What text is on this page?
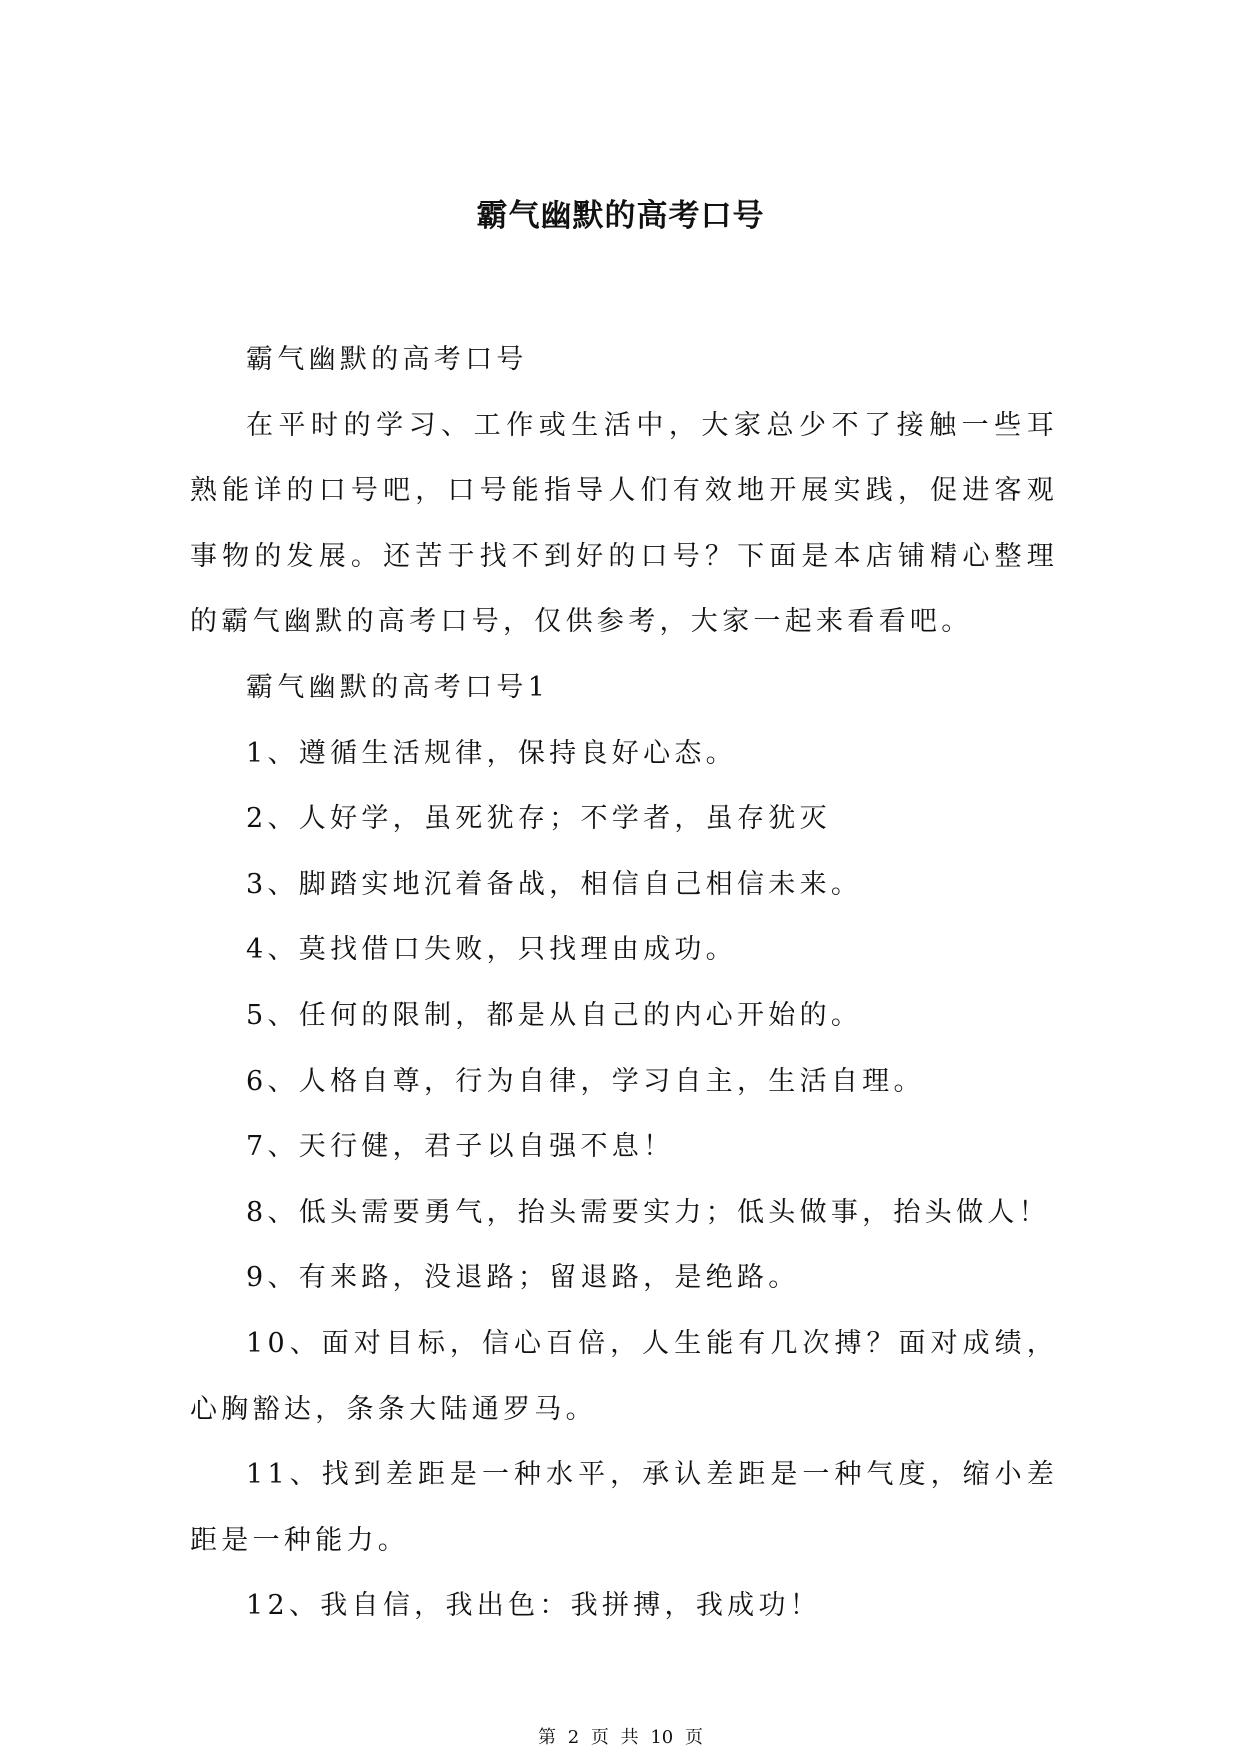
霸气幽默的高考口号

霸气幽默的高考口号

在平时的学习、工作或生活中，大家总少不了接触一些耳熟能详的口号吧，口号能指导人们有效地开展实践，促进客观事物的发展。还苦于找不到好的口号？下面是本店铺精心整理的霸气幽默的高考口号，仅供参考，大家一起来看看吧。

霸气幽默的高考口号1

1、遵循生活规律，保持良好心态。

2、人好学，虽死犹存；不学者，虽存犹灭

3、脚踏实地沉着备战，相信自己相信未来。

4、莫找借口失败，只找理由成功。

5、任何的限制，都是从自己的内心开始的。

6、人格自尊，行为自律，学习自主，生活自理。

7、天行健，君子以自强不息！

8、低头需要勇气，抬头需要实力；低头做事，抬头做人！

9、有来路，没退路；留退路，是绝路。

10、面对目标，信心百倍，人生能有几次搏？面对成绩，心胸豁达，条条大陆通罗马。

11、找到差距是一种水平，承认差距是一种气度，缩小差距是一种能力。

12、我自信，我出色：我拼搏，我成功！

第 2 页 共 10 页
